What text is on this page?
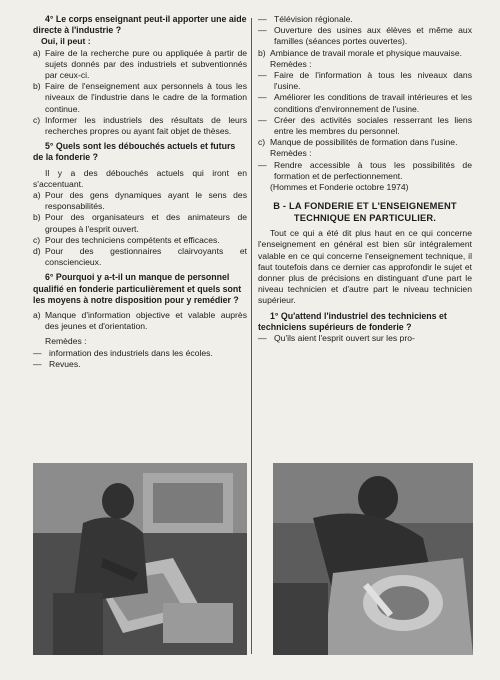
4° Le corps enseignant peut-il apporter une aide directe à l'industrie ?

Oui, il peut :

a) Faire de la recherche pure ou appliquée à partir de sujets donnés par des industriels et subventionnés par ceux-ci.
b) Faire de l'enseignement aux personnels à tous les niveaux de l'industrie dans le cadre de la formation continue.
c) Informer les industriels des résultats de leurs recherches propres ou ayant fait objet de thèses.
5° Quels sont les débouchés actuels et futurs de la fonderie ?

Il y a des débouchés actuels qui iront en s'accentuant.

a) Pour des gens dynamiques ayant le sens des responsabilités.
b) Pour des organisateurs et des animateurs de groupes à l'esprit ouvert.
c) Pour des techniciens compétents et efficaces.
d) Pour des gestionnaires clairvoyants et consciencieux.
6° Pourquoi y a-t-il un manque de personnel qualifié en fonderie particulièrement et quels sont les moyens à notre disposition pour y remédier ?
a) Manque d'information objective et valable auprès des jeunes et d'orientation.

Remèdes :

— information des industriels dans les écoles.
— Revues.
— Télévision régionale.
— Ouverture des usines aux élèves et même aux familles (séances portes ouvertes).
b) Ambiance de travail morale et physique mauvaise.

Remèdes :

— Faire de l'information à tous les niveaux dans l'usine.
— Améliorer les conditions de travail intérieures et les conditions d'environnement de l'usine.
— Créer des activités sociales resserrant les liens entre les membres du personnel.
c) Manque de possibilités de formation dans l'usine.

Remèdes :

— Rendre accessible à tous les possibilités de formation et de perfectionnement.

(Hommes et Fonderie octobre 1974)

B - LA FONDERIE ET L'ENSEIGNEMENT TECHNIQUE EN PARTICULIER.

Tout ce qui a été dit plus haut en ce qui concerne l'enseignement en général est bien sûr intégralement valable en ce qui concerne l'enseignement technique, il faut toutefois dans ce dernier cas approfondir le sujet et donner plus de précisions en distinguant d'une part le niveau technicien et d'autre part le niveau technicien supérieur.

1° Qu'attend l'industriel des techniciens et techniciens supérieurs de fonderie ?
— Qu'ils aient l'esprit ouvert sur les pro-
